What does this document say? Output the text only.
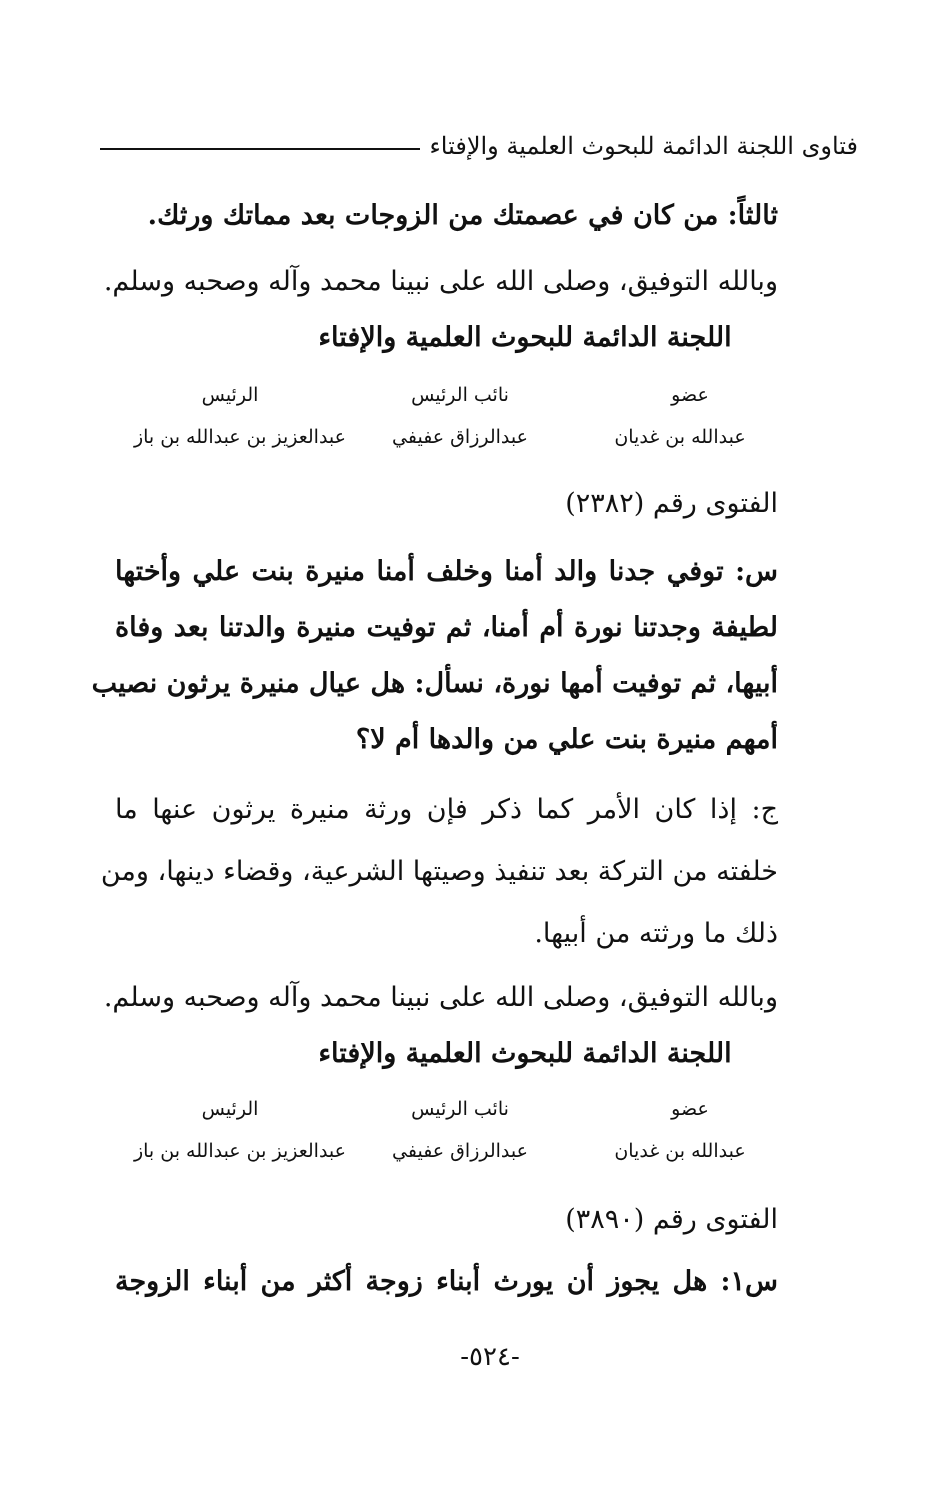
فتاوى اللجنة الدائمة للبحوث العلمية والإفتاء
ثالثاً: من كان في عصمتك من الزوجات بعد مماتك ورثك.
وبالله التوفيق، وصلى الله على نبينا محمد وآله وصحبه وسلم.
اللجنة الدائمة للبحوث العلمية والإفتاء
عضو
نائب الرئيس
الرئيس
عبدالله بن غديان
عبدالرزاق عفيفي
عبدالعزيز بن عبدالله بن باز
الفتوى رقم (٢٣٨٢)
س: توفي جدنا والد أمنا وخلف أمنا منيرة بنت علي وأختها
لطيفة وجدتنا نورة أم أمنا، ثم توفيت منيرة والدتنا بعد وفاة
أبيها، ثم توفيت أمها نورة، نسأل: هل عيال منيرة يرثون نصيب
أمهم منيرة بنت علي من والدها أم لا؟
ج: إذا كان الأمر كما ذكر فإن ورثة منيرة يرثون عنها ما
خلفته من التركة بعد تنفيذ وصيتها الشرعية، وقضاء دينها، ومن
ذلك ما ورثته من أبيها.
وبالله التوفيق، وصلى الله على نبينا محمد وآله وصحبه وسلم.
اللجنة الدائمة للبحوث العلمية والإفتاء
عضو
نائب الرئيس
الرئيس
عبدالله بن غديان
عبدالرزاق عفيفي
عبدالعزيز بن عبدالله بن باز
الفتوى رقم (٣٨٩٠)
س١: هل يجوز أن يورث أبناء زوجة أكثر من أبناء الزوجة
-٥٢٤-
